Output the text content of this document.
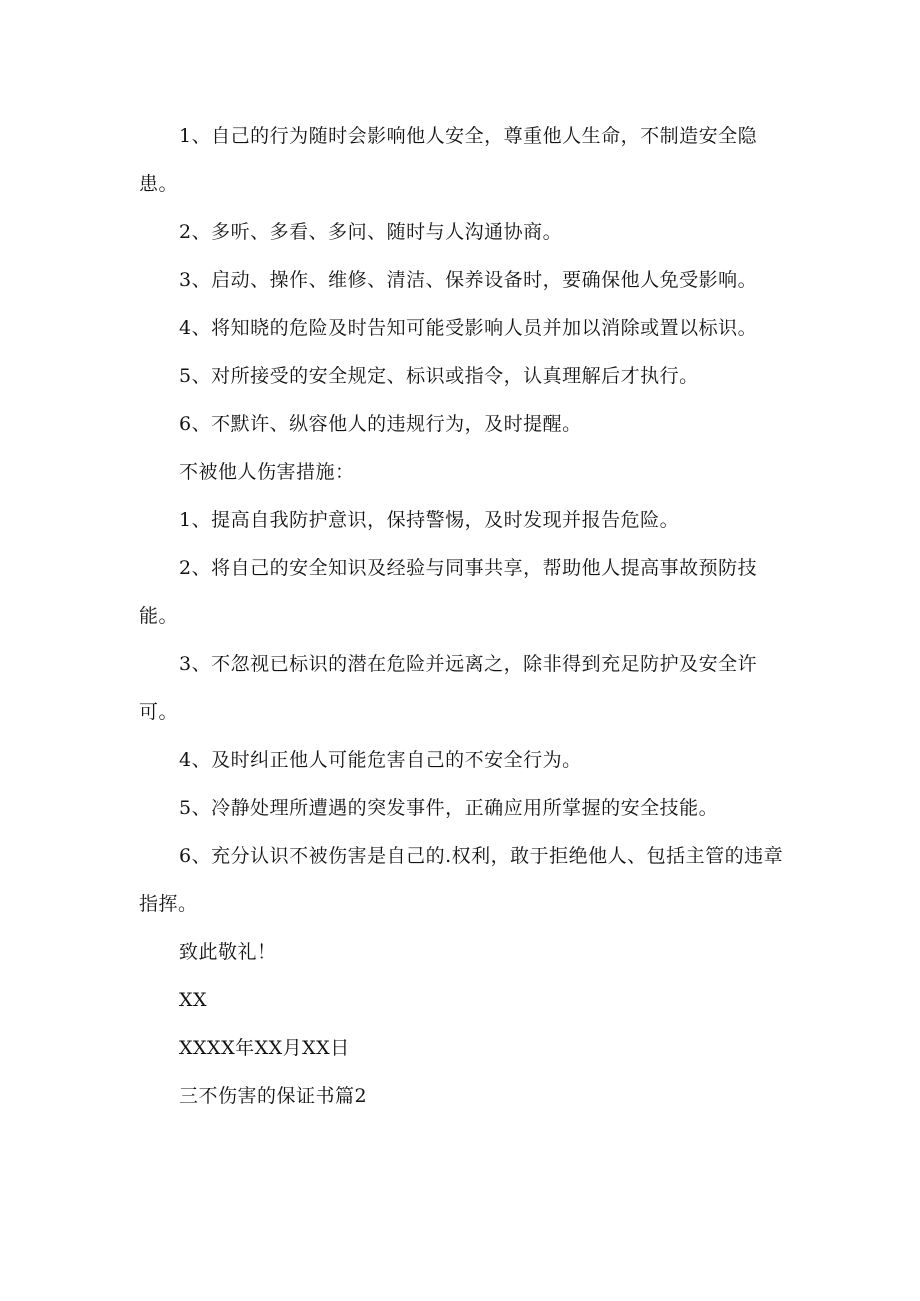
1、自己的行为随时会影响他人安全，尊重他人生命，不制造安全隐患。

2、多听、多看、多问、随时与人沟通协商。

3、启动、操作、维修、清洁、保养设备时，要确保他人免受影响。

4、将知晓的危险及时告知可能受影响人员并加以消除或置以标识。

5、对所接受的安全规定、标识或指令，认真理解后才执行。

6、不默许、纵容他人的违规行为，及时提醒。

不被他人伤害措施：

1、提高自我防护意识，保持警惕，及时发现并报告危险。

2、将自己的安全知识及经验与同事共享，帮助他人提高事故预防技能。

3、不忽视已标识的潜在危险并远离之，除非得到充足防护及安全许可。

4、及时纠正他人可能危害自己的不安全行为。

5、冷静处理所遭遇的突发事件，正确应用所掌握的安全技能。

6、充分认识不被伤害是自己的.权利，敢于拒绝他人、包括主管的违章指挥。

致此敬礼！

XX

XXXX年XX月XX日

三不伤害的保证书篇2
